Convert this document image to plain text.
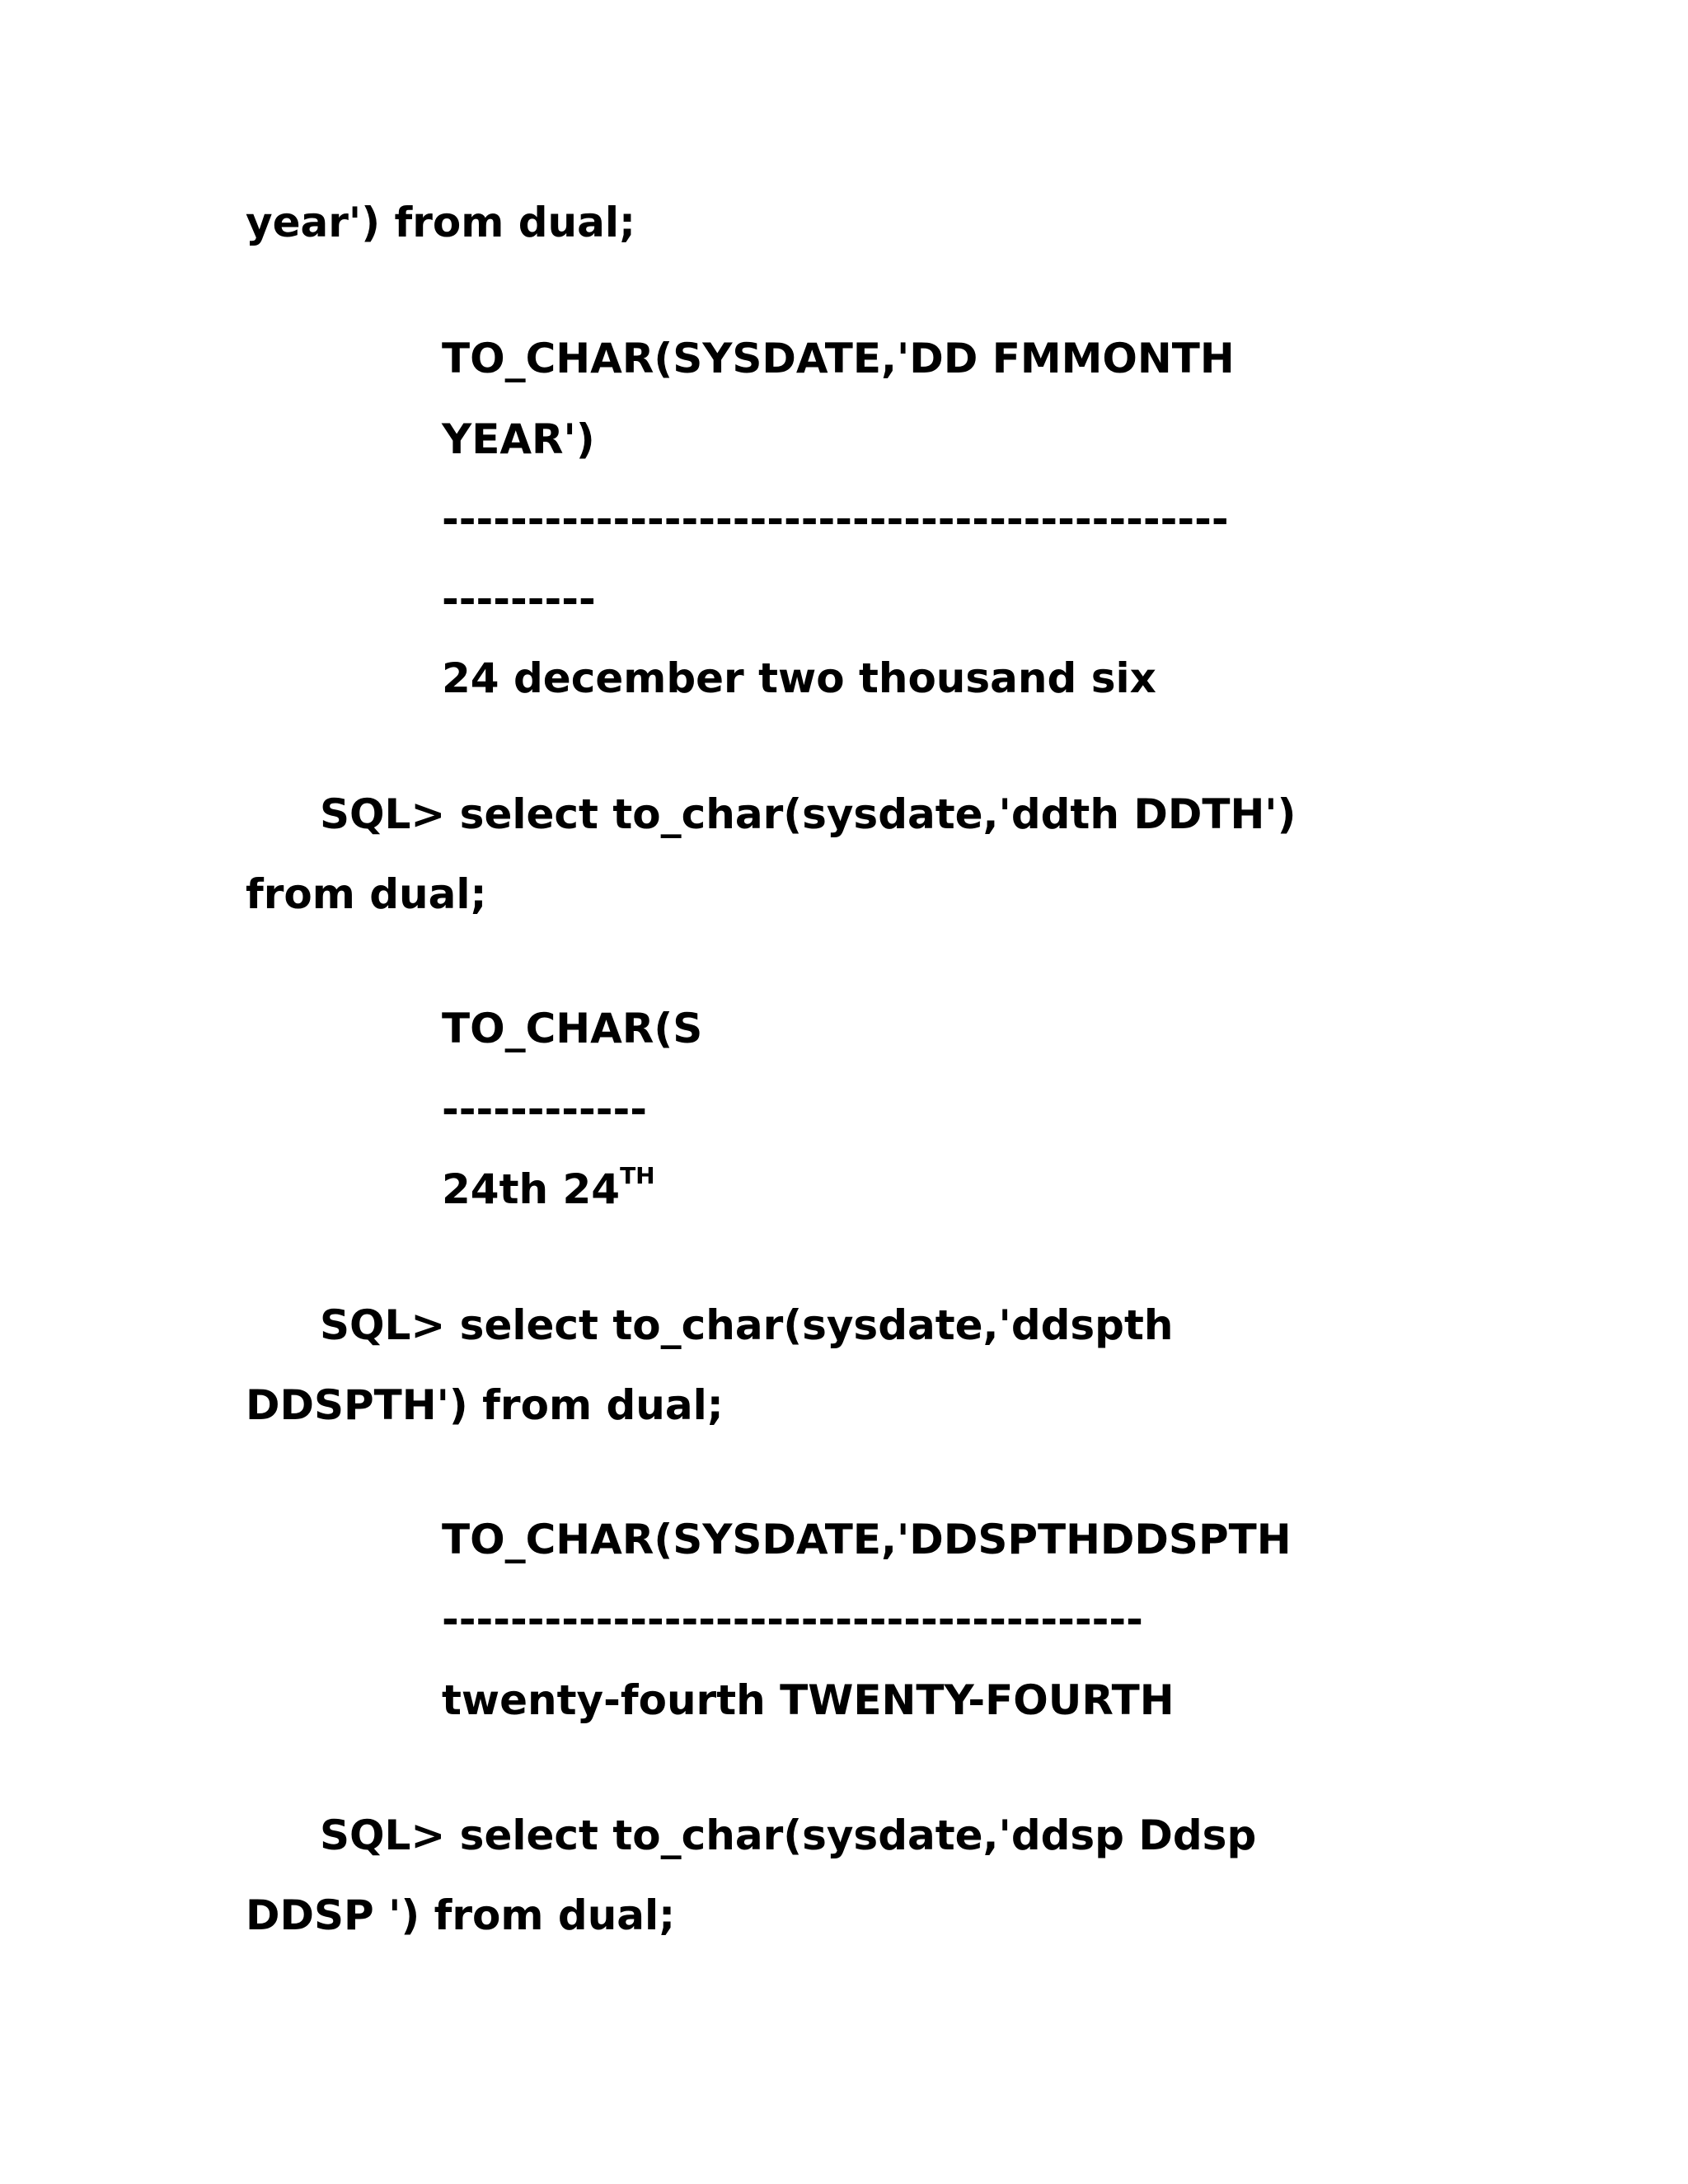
year') from dual;

TO_CHAR(SYSDATE,'DD FMMONTH

YEAR')

----------------------------------------------

---------

24 december two thousand six

SQL> select to_char(sysdate,'ddth DDTH')

from dual;

TO_CHAR(S

------------

24th 24TH

SQL> select to_char(sysdate,'ddspth

DDSPTH') from dual;

TO_CHAR(SYSDATE,'DDSPTHDDSPTH

-----------------------------------------

twenty-fourth TWENTY-FOURTH

SQL> select to_char(sysdate,'ddsp Ddsp

DDSP ') from dual;
